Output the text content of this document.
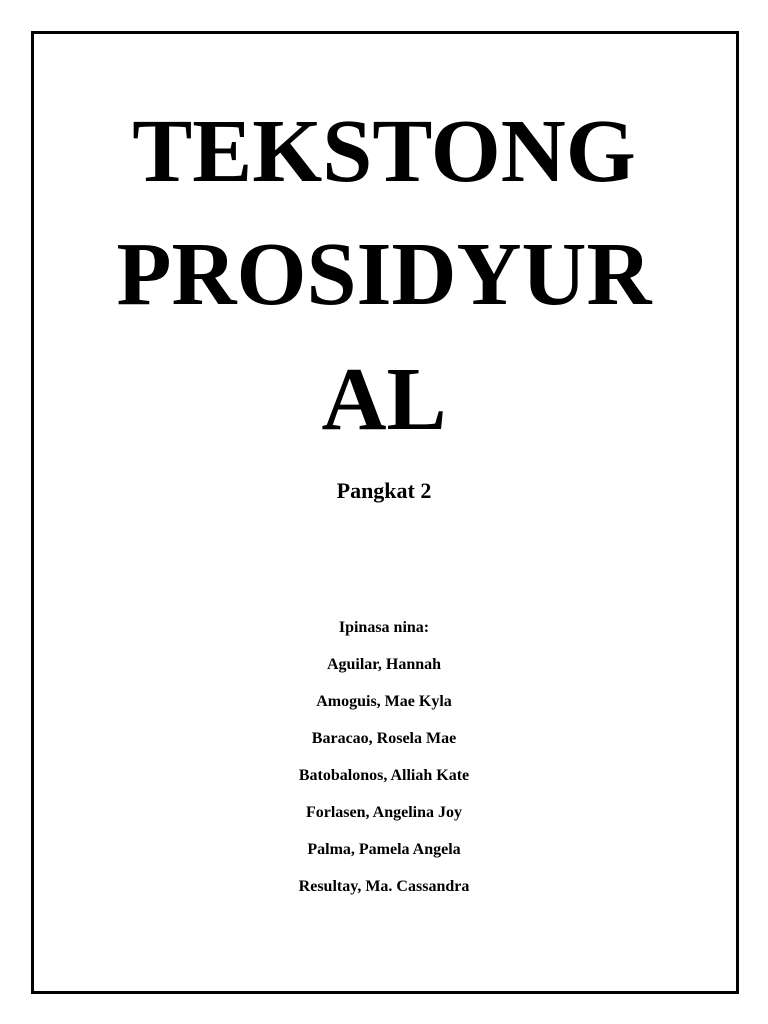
TEKSTONG
PROSIDYUR
AL
Pangkat 2
Ipinasa nina:
Aguilar, Hannah
Amoguis, Mae Kyla
Baracao, Rosela Mae
Batobalonos, Alliah Kate
Forlasen, Angelina Joy
Palma, Pamela Angela
Resultay, Ma. Cassandra
